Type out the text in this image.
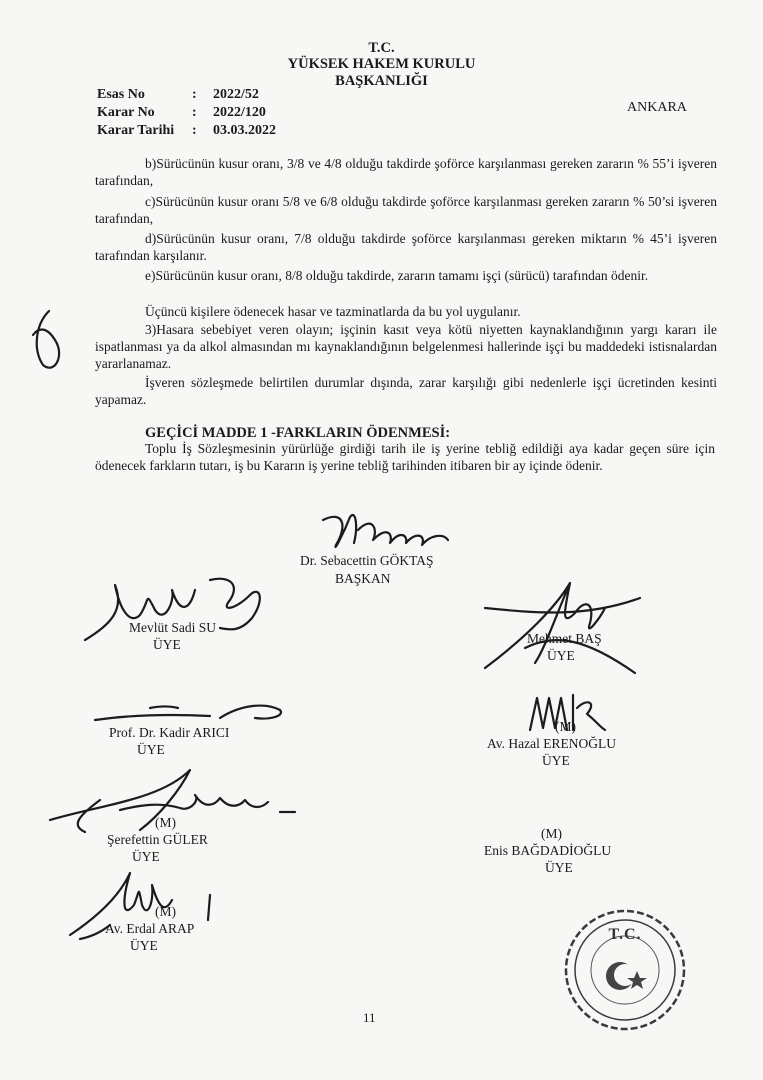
T.C.
YÜKSEK HAKEM KURULU
BAŞKANLIĞI
ANKARA
Esas No	: 2022/52
Karar No	: 2022/120
Karar Tarihi : 03.03.2022
b)Sürücünün kusur oranı, 3/8 ve 4/8 olduğu takdirde şoförce karşılanması gereken zararın % 55’i işveren tarafından,
c)Sürücünün kusur oranı 5/8 ve 6/8 olduğu takdirde şoförce karşılanması gereken zararın % 50’si işveren tarafından,
d)Sürücünün kusur oranı, 7/8 olduğu takdirde şoförce karşılanması gereken miktarın % 45’i işveren tarafından karşılanır.
e)Sürücünün kusur oranı, 8/8 olduğu takdirde, zararın tamamı işçi (sürücü) tarafından ödenir.
Üçüncü kişilere ödenecek hasar ve tazminatlarda da bu yol uygulanır.
3)Hasara sebebiyet veren olayın; işçinin kasıt veya kötü niyetten kaynaklandığının yargı kararı ile ispatlanması ya da alkol almasından mı kaynaklandığının belgelenmesi hallerinde işçi bu maddedeki istisnalardan yararlanamaz.
İşveren sözleşmede belirtilen durumlar dışında, zarar karşılığı gibi nedenlerle işçi ücretinden kesinti yapamaz.
GEÇİCİ MADDE 1 -FARKLARIN ÖDENMESİ:
Toplu İş Sözleşmesinin yürürlüğe girdiği tarih ile iş yerine tebliğ edildiği aya kadar geçen süre için ödenecek farkların tutarı, iş bu Kararın iş yerine tebliğ tarihinden itibaren bir ay içinde ödenir.
Dr. Sebacettin GÖKTAŞ
BAŞKAN
Mevlüt Sadi SU
ÜYE	Mehmet BAŞ
ÜYE
Prof. Dr. Kadir ARICI
ÜYE
(M)
Av. Hazal ERENOĞLU
ÜYE
(M)
Şerefettin GÜLER
ÜYE
(M)
Enis BAĞDADİOĞLU
ÜYE
(M)
Av. Erdal ARAP
ÜYE
T.C.
11
